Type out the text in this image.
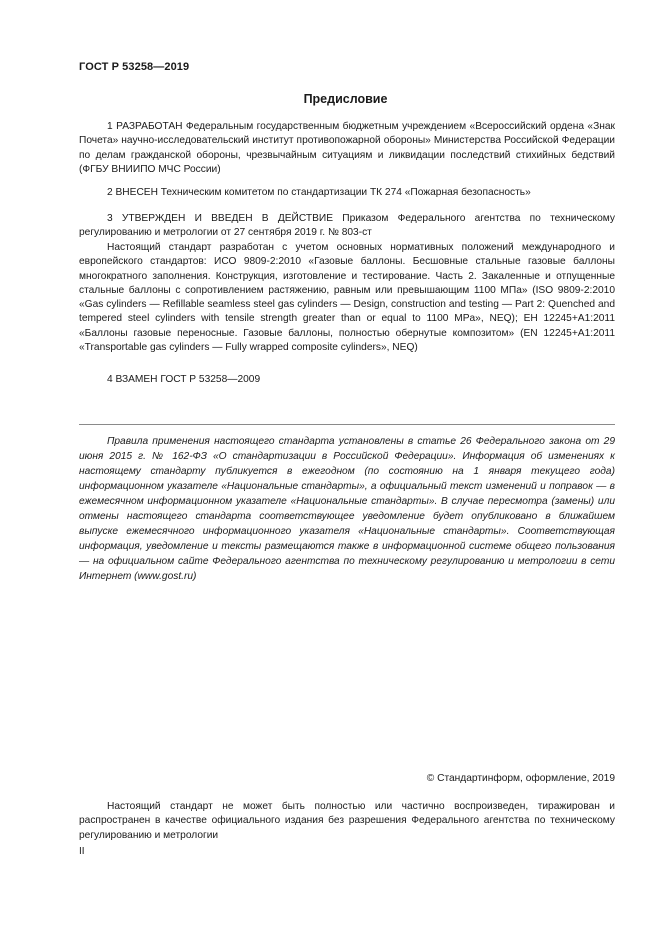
ГОСТ Р 53258—2019
Предисловие

1 РАЗРАБОТАН Федеральным государственным бюджетным учреждением «Всероссийский ордена «Знак Почета» научно-исследовательский институт противопожарной обороны» Министерства Российской Федерации по делам гражданской обороны, чрезвычайным ситуациям и ликвидации последствий стихийных бедствий (ФГБУ ВНИИПО МЧС России)

2 ВНЕСЕН Техническим комитетом по стандартизации ТК 274 «Пожарная безопасность»

3 УТВЕРЖДЕН И ВВЕДЕН В ДЕЙСТВИЕ Приказом Федерального агентства по техническому регулированию и метрологии от 27 сентября 2019 г. № 803-ст

Настоящий стандарт разработан с учетом основных нормативных положений международного и европейского стандартов: ИСО 9809-2:2010 «Газовые баллоны. Бесшовные стальные газовые баллоны многократного заполнения. Конструкция, изготовление и тестирование. Часть 2. Закаленные и отпущенные стальные баллоны с сопротивлением растяжению, равным или превышающим 1100 МПа» (ISO 9809-2:2010 «Gas cylinders — Refillable seamless steel gas cylinders — Design, construction and testing — Part 2: Quenched and tempered steel cylinders with tensile strength greater than or equal to 1100 MPa», NEQ); ЕН 12245+А1:2011 «Баллоны газовые переносные. Газовые баллоны, полностью обернутые композитом» (EN 12245+A1:2011 «Transportable gas cylinders — Fully wrapped composite cylinders», NEQ)

4 ВЗАМЕН ГОСТ Р 53258—2009

Правила применения настоящего стандарта установлены в статье 26 Федерального закона от 29 июня 2015 г. № 162-ФЗ «О стандартизации в Российской Федерации». Информация об изменениях к настоящему стандарту публикуется в ежегодном (по состоянию на 1 января текущего года) информационном указателе «Национальные стандарты», а официальный текст изменений и поправок — в ежемесячном информационном указателе «Национальные стандарты». В случае пересмотра (замены) или отмены настоящего стандарта соответствующее уведомление будет опубликовано в ближайшем выпуске ежемесячного информационного указателя «Национальные стандарты». Соответствующая информация, уведомление и тексты размещаются также в информационной системе общего пользования — на официальном сайте Федерального агентства по техническому регулированию и метрологии в сети Интернет (www.gost.ru)

© Стандартинформ, оформление, 2019

Настоящий стандарт не может быть полностью или частично воспроизведен, тиражирован и распространен в качестве официального издания без разрешения Федерального агентства по техническому регулированию и метрологии

II
